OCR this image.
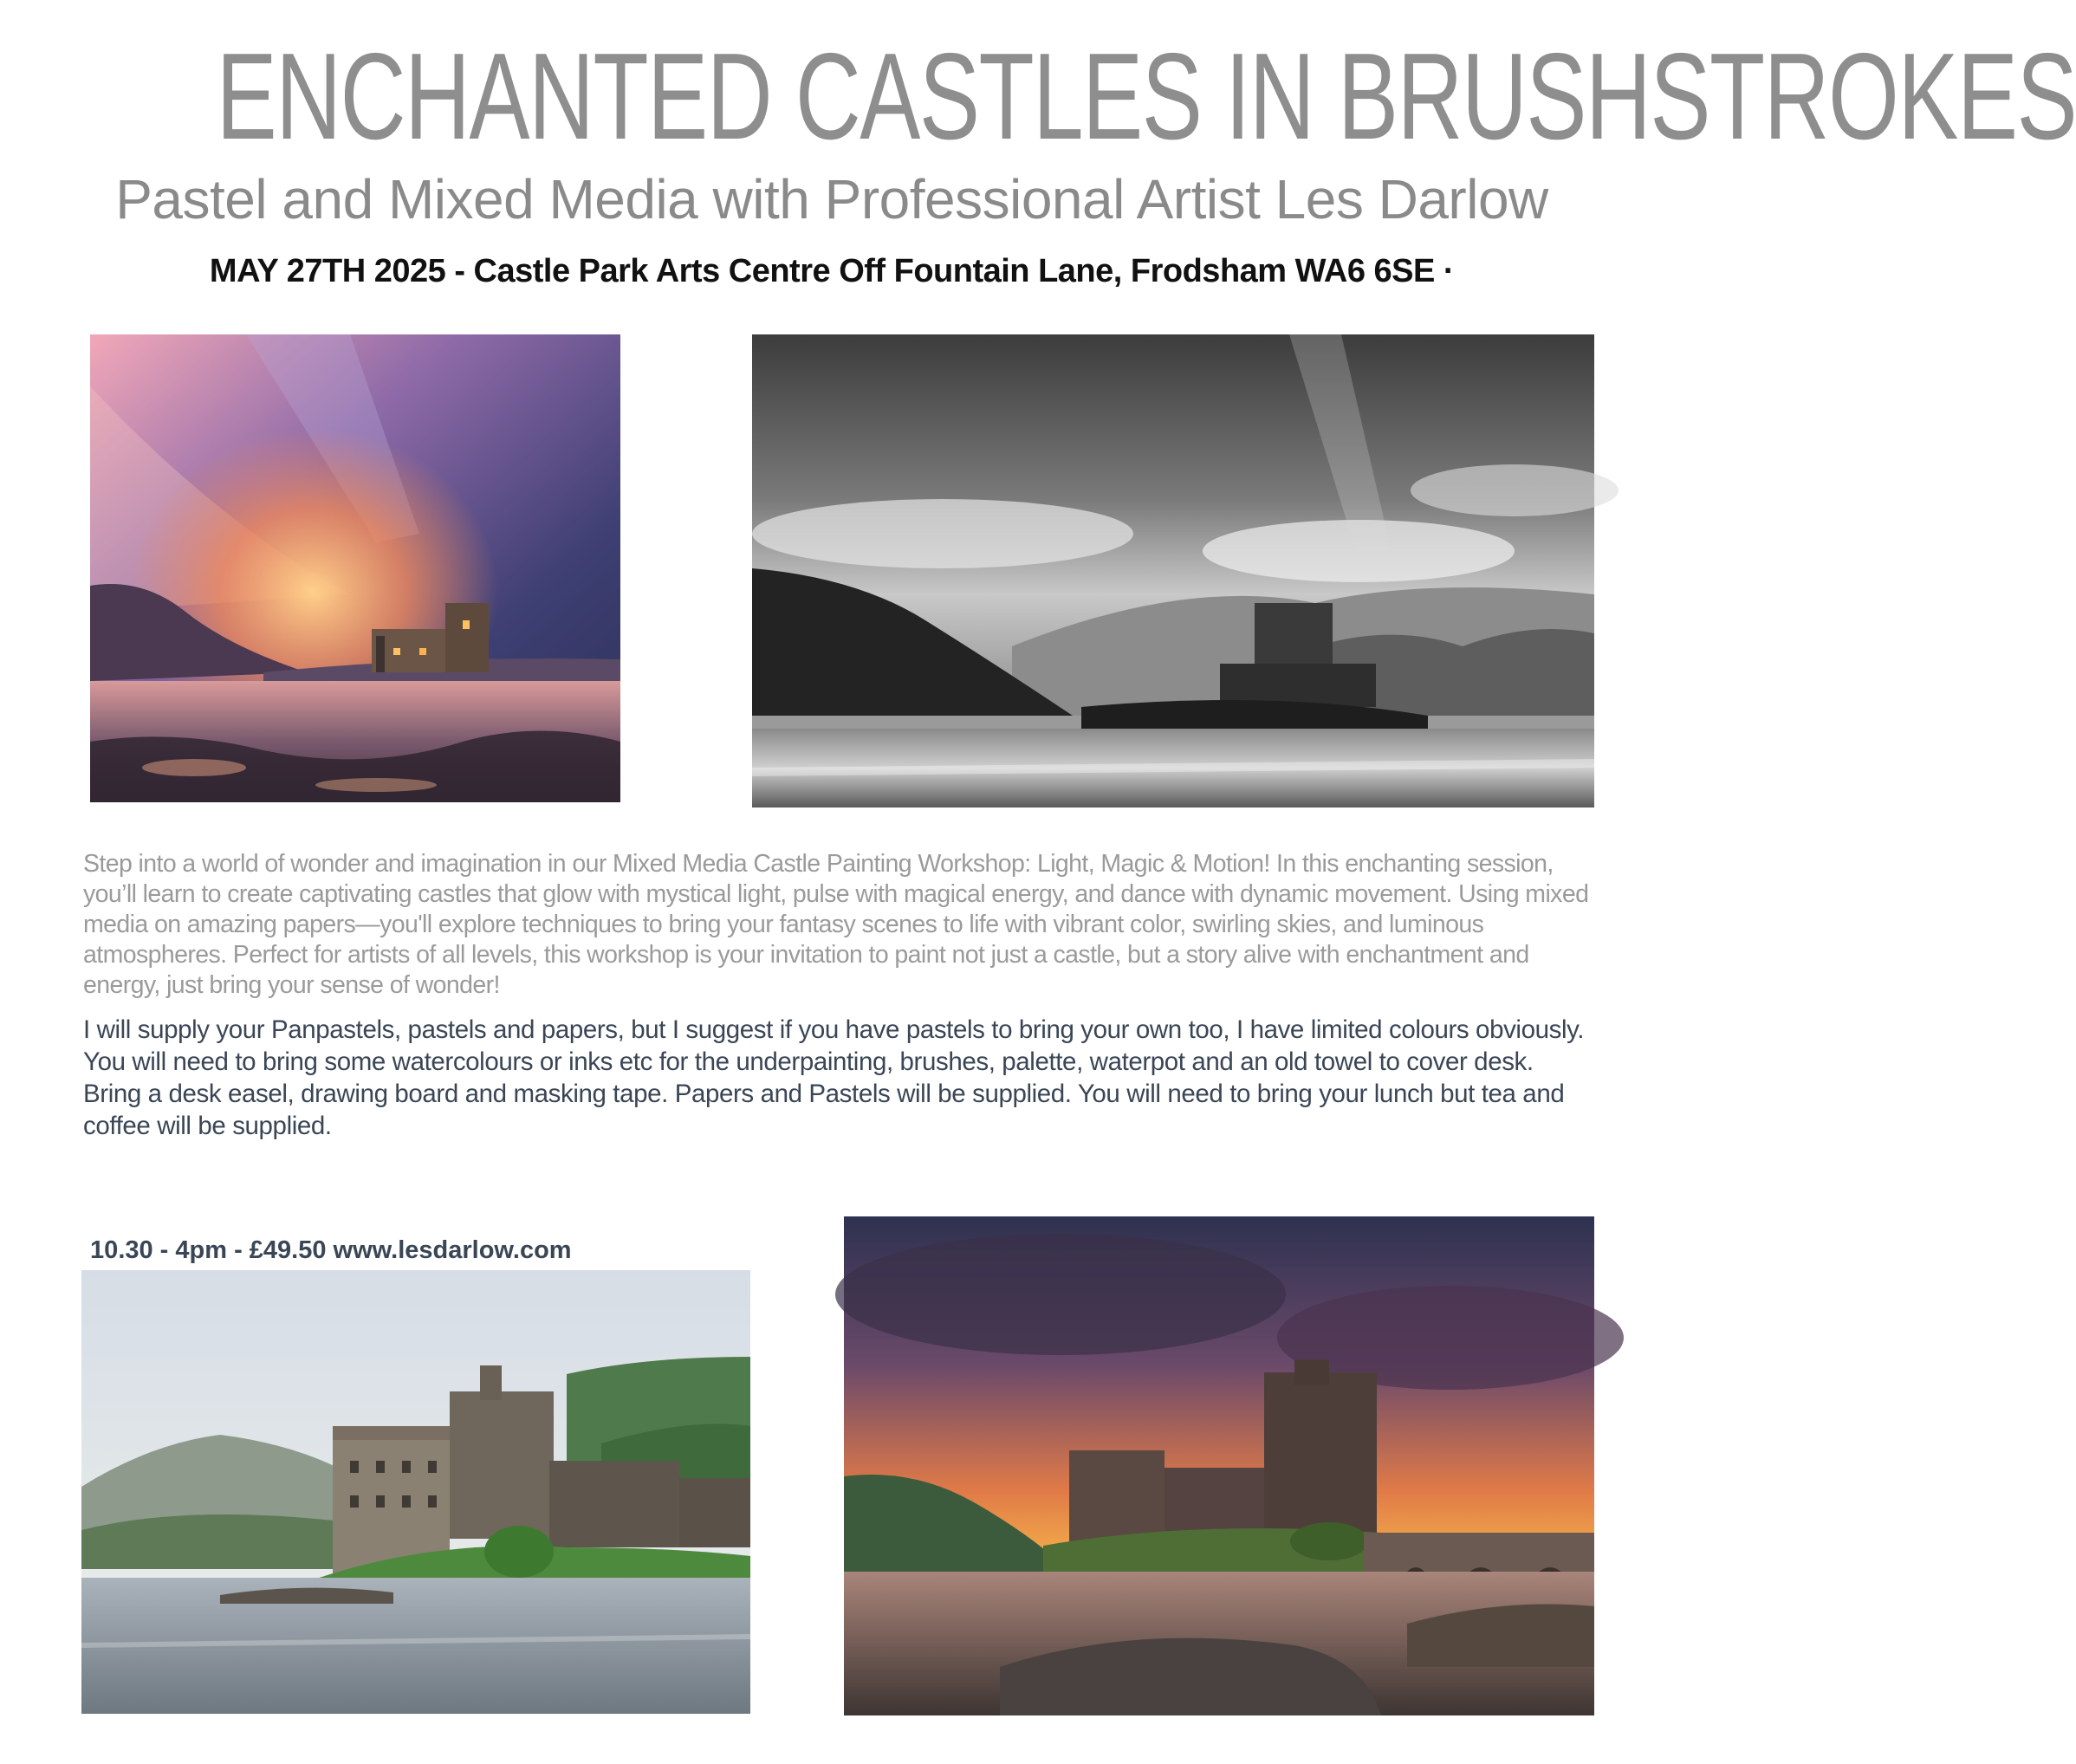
ENCHANTED CASTLES IN BRUSHSTROKES
Pastel and Mixed Media with Professional Artist Les Darlow
MAY 27TH 2025 - Castle Park Arts Centre Off Fountain Lane, Frodsham WA6 6SE ·

Step into a world of wonder and imagination in our Mixed Media Castle Painting Workshop: Light, Magic & Motion! In this enchanting session, you’ll learn to create captivating castles that glow with mystical light, pulse with magical energy, and dance with dynamic movement. Using mixed media on amazing papers—you'll explore techniques to bring your fantasy scenes to life with vibrant color, swirling skies, and luminous atmospheres. Perfect for artists of all levels, this workshop is your invitation to paint not just a castle, but a story alive with enchantment and energy, just bring your sense of wonder!

I will supply your Panpastels, pastels and papers, but I suggest if you have pastels to bring your own too, I have limited colours obviously. You will need to bring some watercolours or inks etc for the underpainting, brushes, palette, waterpot and an old towel to cover desk. Bring a desk easel, drawing board and masking tape. Papers and Pastels will be supplied. You will need to bring your lunch but tea and coffee will be supplied.

10.30 - 4pm - £49.50 www.lesdarlow.com
